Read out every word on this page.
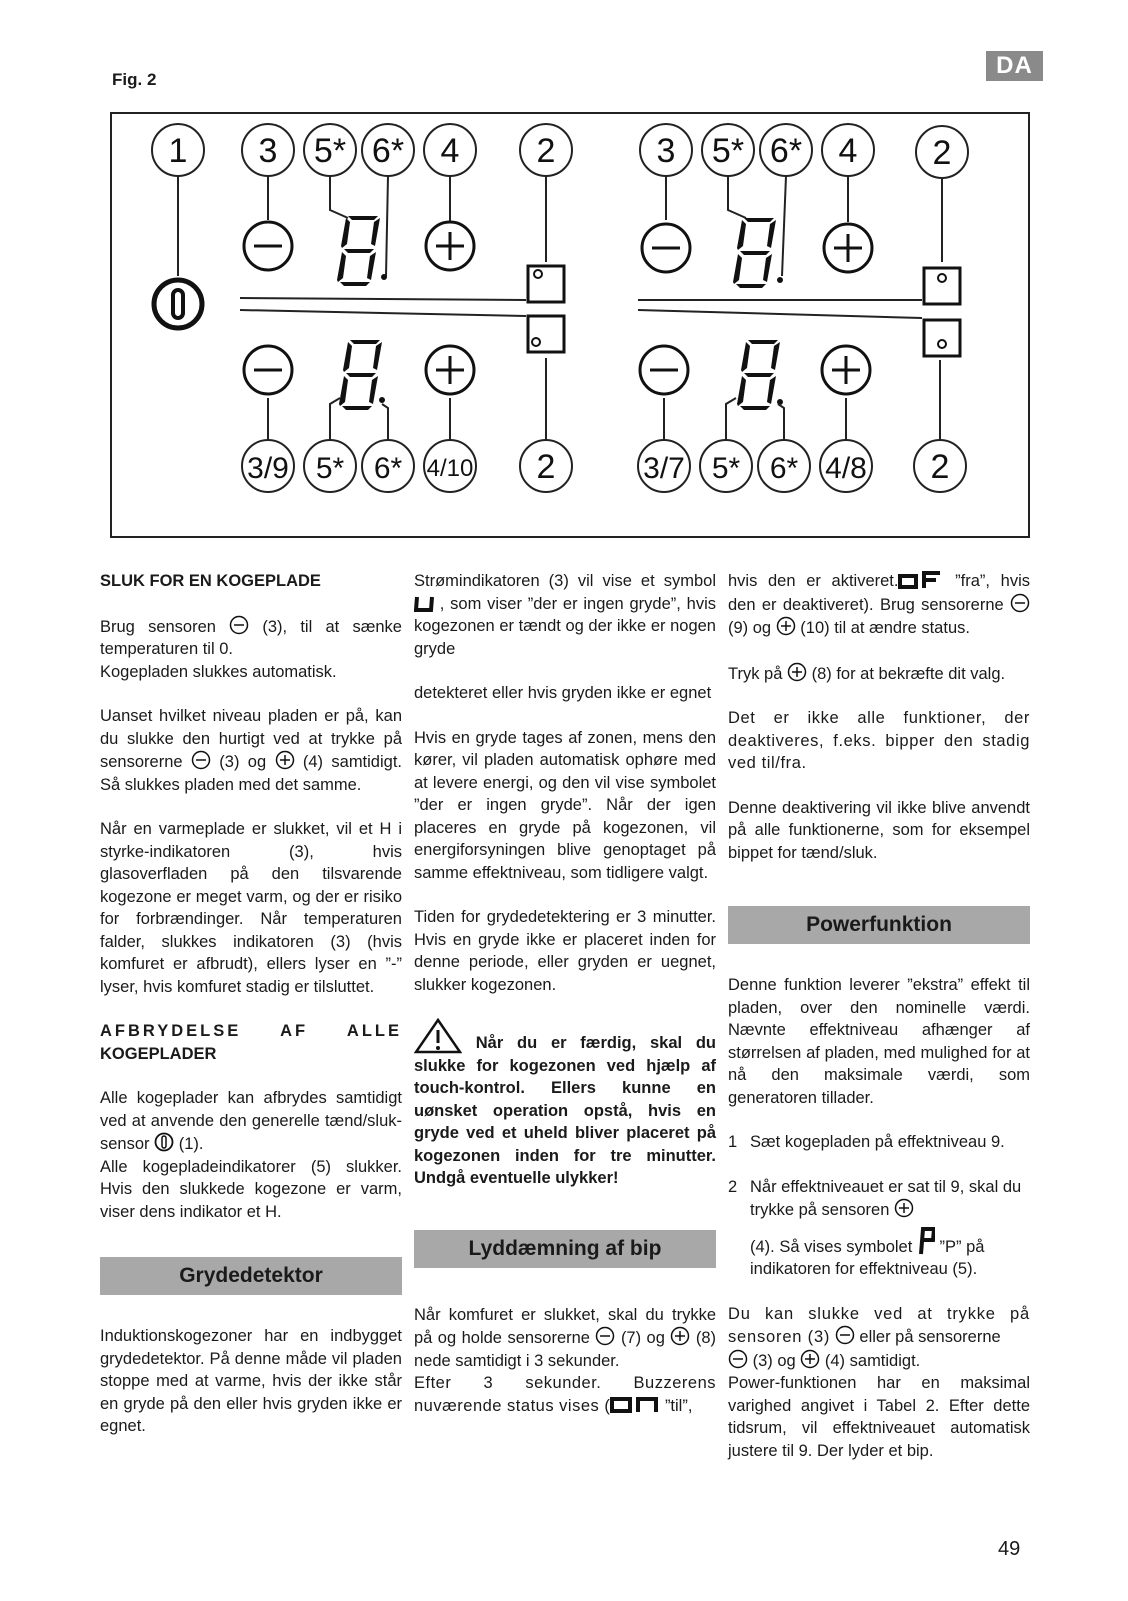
Fig. 2
DA
1 3 5* 6* 4 2
3/9 5* 6* 4/10 2
3 5* 6* 4 2
3/7 5* 6* 4/8 2
SLUK FOR EN KOGEPLADE

Brug sensoren	(3), til at sænke temperaturen til 0.
Kogepladen slukkes automatisk.

Uanset hvilket niveau pladen er på, kan du slukke den hurtigt ved at trykke på sensorerne (3) og (4) samtidigt. Så slukkes pladen med det samme.

Når en varmeplade er slukket, vil et H i styrke-indikatoren (3), hvis glasoverfladen på den tilsvarende kogezone er meget varm, og der er risiko for forbrændinger. Når temperaturen falder, slukkes indikatoren (3) (hvis komfuret er afbrudt), ellers lyser en ”-” lyser, hvis komfuret stadig er tilsluttet.

AFBRYDELSE AF ALLE
KOGEPLADER

Alle kogeplader kan afbrydes samtidigt ved at anvende den generelle tænd/sluk-sensor (1).
Alle kogepladeindikatorer (5) slukker. Hvis den slukkede kogezone er varm, viser dens indikator et H.

Grydedetektor

Induktionskogezoner har en indbygget grydedetektor. På denne måde vil pladen stoppe med at varme, hvis der ikke står en gryde på den eller hvis gryden ikke er egnet.

Strømindikatoren (3) vil vise et symbol  , som viser ”der er ingen gryde”, hvis kogezonen er tændt og der ikke er nogen gryde

detekteret eller hvis gryden ikke er egnet

Hvis en gryde tages af zonen, mens den kører, vil pladen automatisk ophøre med at levere energi, og den vil vise symbolet ”der er ingen gryde”. Når der igen placeres en gryde på kogezonen, vil energiforsyningen blive genoptaget på samme effektniveau, som tidligere valgt.

Tiden for grydedetektering er 3 minutter. Hvis en gryde ikke er placeret inden for denne periode, eller gryden er uegnet, slukker kogezonen.

Når du er færdig, skal du slukke for kogezonen ved hjælp af touch-kontrol. Ellers kunne en uønsket operation opstå, hvis en gryde ved et uheld bliver placeret på kogezonen inden for tre minutter. Undgå eventuelle ulykker!

Lyddæmning af bip

Når komfuret er slukket, skal du trykke på og holde sensorerne (7) og (8) nede samtidigt i 3 sekunder.
Efter 3 sekunder. Buzzerens nuværende status vises (	”til”,

hvis den er aktiveret.	”fra”, hvis den er deaktiveret). Brug sensorerne  (9) og (10) til at ændre status.

Tryk på (8) for at bekræfte dit valg.

Det er ikke alle funktioner, der deaktiveres, f.eks. bipper den stadig ved til/fra.

Denne deaktivering vil ikke blive anvendt på alle funktionerne, som for eksempel bippet for tænd/sluk.

Powerfunktion

Denne funktion leverer ”ekstra” effekt til pladen, over den nominelle værdi. Nævnte effektniveau afhænger af størrelsen af pladen, med mulighed for at nå den maksimale værdi, som generatoren tillader.

1 Sæt kogepladen på effektniveau 9.
2 Når effektniveauet er sat til 9, skal du trykke på sensoren
(4). Så vises symbolet ”P” på indikatoren for effektniveau (5).

Du kan slukke ved at trykke på sensoren (3) eller på sensorerne
(3) og (4) samtidigt.
Power-funktionen har en maksimal varighed angivet i Tabel 2. Efter dette tidsrum, vil effektniveauet automatisk justere til 9. Der lyder et bip.

49
